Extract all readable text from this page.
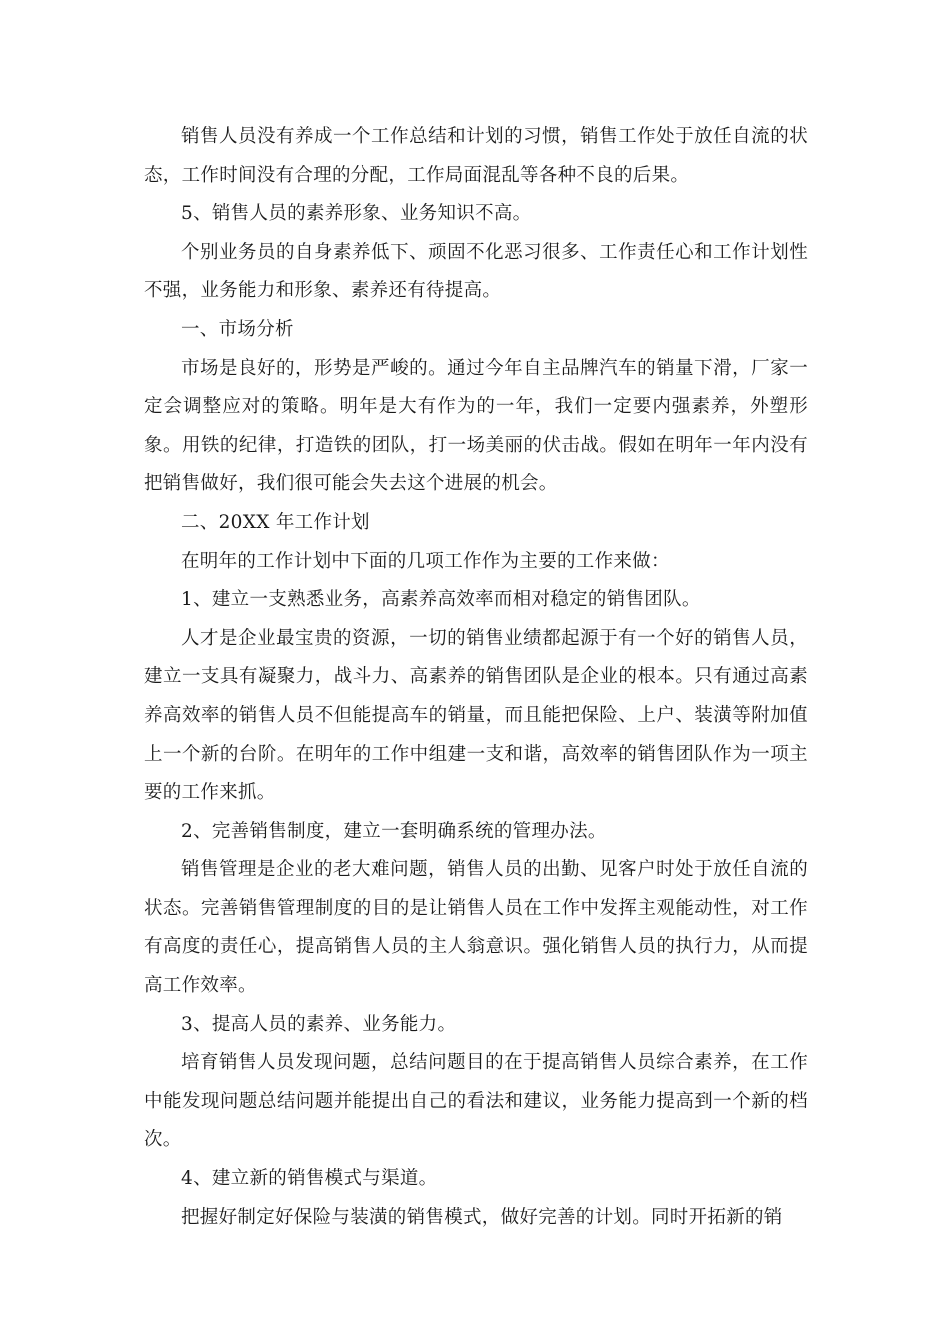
销售人员没有养成一个工作总结和计划的习惯，销售工作处于放任自流的状态，工作时间没有合理的分配，工作局面混乱等各种不良的后果。

5、销售人员的素养形象、业务知识不高。

个别业务员的自身素养低下、顽固不化恶习很多、工作责任心和工作计划性不强，业务能力和形象、素养还有待提高。

一、市场分析

市场是良好的，形势是严峻的。通过今年自主品牌汽车的销量下滑，厂家一定会调整应对的策略。明年是大有作为的一年，我们一定要内强素养，外塑形象。用铁的纪律，打造铁的团队，打一场美丽的伏击战。假如在明年一年内没有把销售做好，我们很可能会失去这个进展的机会。

二、20XX 年工作计划

在明年的工作计划中下面的几项工作作为主要的工作来做：

1、建立一支熟悉业务，高素养高效率而相对稳定的销售团队。

人才是企业最宝贵的资源，一切的销售业绩都起源于有一个好的销售人员，建立一支具有凝聚力，战斗力、高素养的销售团队是企业的根本。只有通过高素养高效率的销售人员不但能提高车的销量，而且能把保险、上户、装潢等附加值上一个新的台阶。在明年的工作中组建一支和谐，高效率的销售团队作为一项主要的工作来抓。

2、完善销售制度，建立一套明确系统的管理办法。

销售管理是企业的老大难问题，销售人员的出勤、见客户时处于放任自流的状态。完善销售管理制度的目的是让销售人员在工作中发挥主观能动性，对工作有高度的责任心，提高销售人员的主人翁意识。强化销售人员的执行力，从而提高工作效率。

3、提高人员的素养、业务能力。

培育销售人员发现问题，总结问题目的在于提高销售人员综合素养，在工作中能发现问题总结问题并能提出自己的看法和建议，业务能力提高到一个新的档次。

4、建立新的销售模式与渠道。

把握好制定好保险与装潢的销售模式，做好完善的计划。同时开拓新的销
